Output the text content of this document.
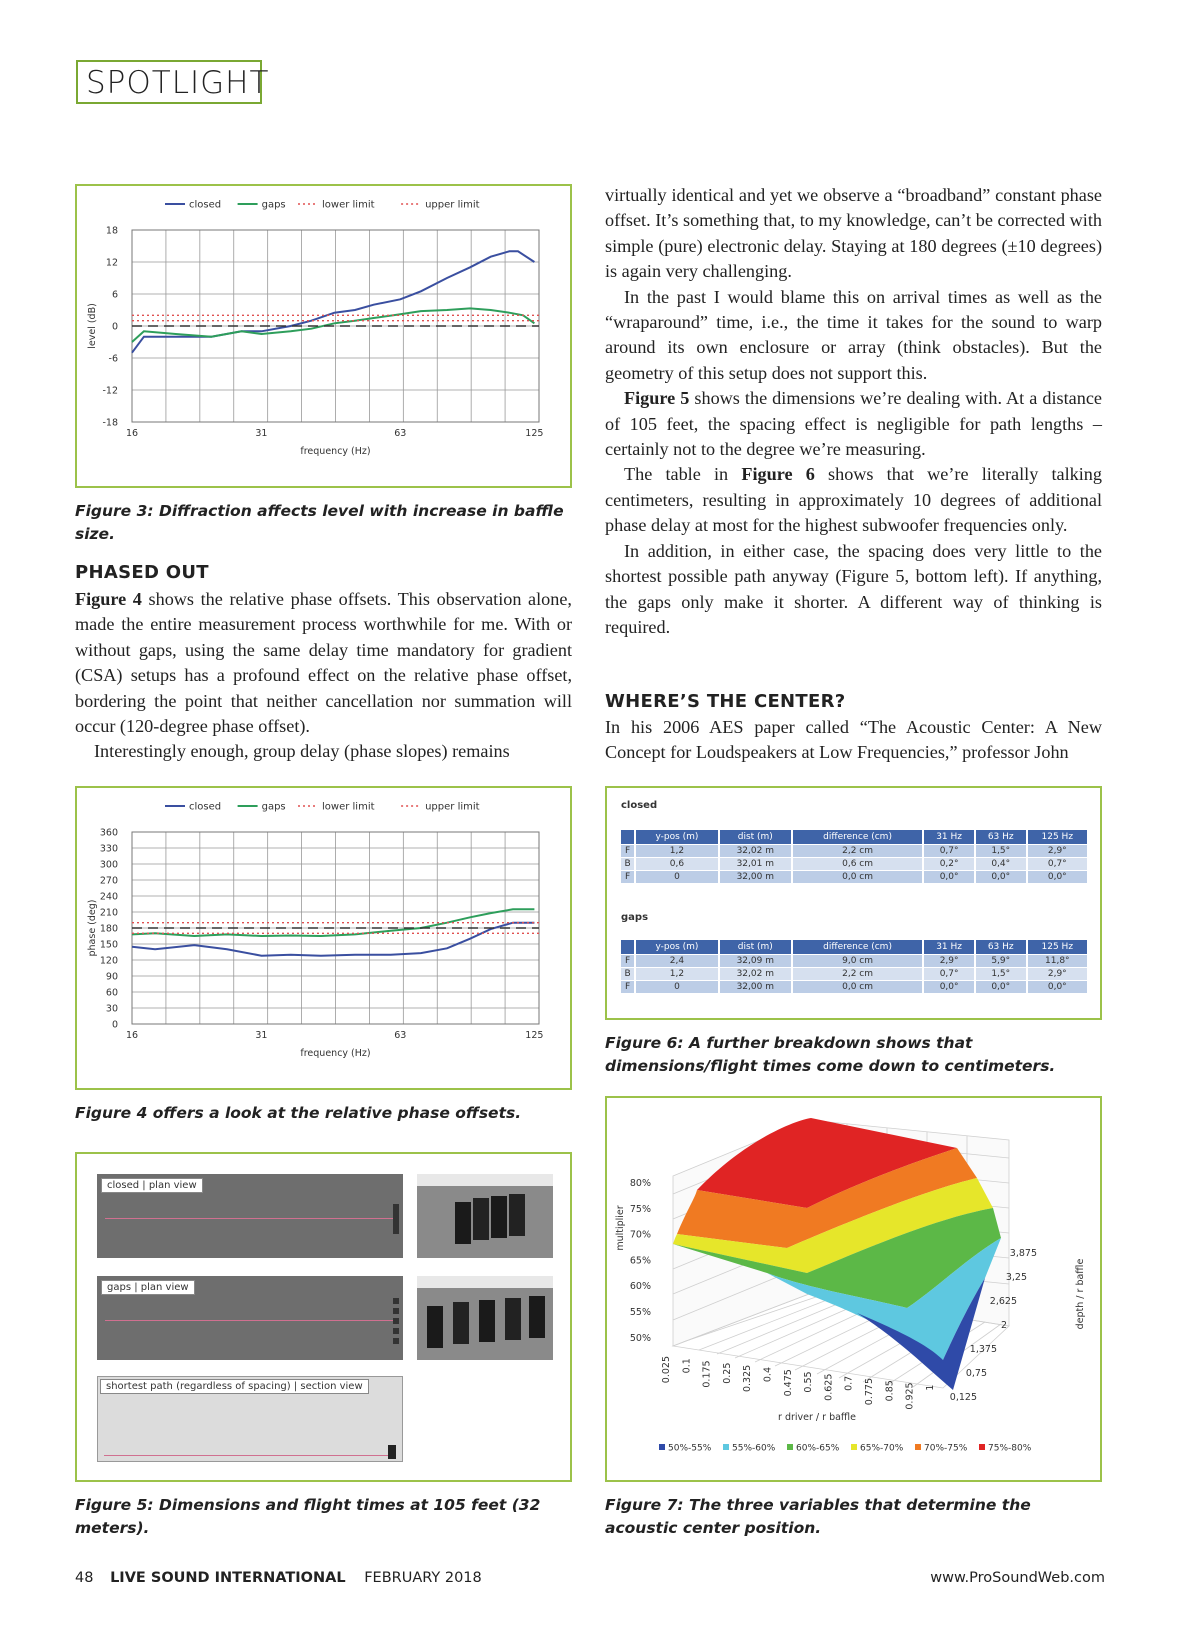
SPOTLIGHT
18
12
6
0
-6
-12
-18
16	31	63	125
frequency (Hz)
level (dB)
closed	gaps	lower limit	upper limit
Figure 3: Diffraction affects level with increase in baffle size.
PHASED OUT

Figure 4 shows the relative phase offsets. This observation alone, made the entire measurement process worthwhile for me. With or without gaps, using the same delay time mandatory for gradient (CSA) setups has a profound effect on the relative phase offset, bordering the point that neither cancellation nor summation will occur (120-degree phase offset).

Interestingly enough, group delay (phase slopes) remains

virtually identical and yet we observe a “broadband” constant phase offset. It’s something that, to my knowledge, can’t be corrected with simple (pure) electronic delay. Staying at 180 degrees (±10 degrees) is again very challenging.

In the past I would blame this on arrival times as well as the “wraparound” time, i.e., the time it takes for the sound to warp around its own enclosure or array (think obstacles). But the geometry of this setup does not support this.

Figure 5 shows the dimensions we’re dealing with. At a distance of 105 feet, the spacing effect is negligible for path lengths – certainly not to the degree we’re measuring.

The table in Figure 6 shows that we’re literally talking centimeters, resulting in approximately 10 degrees of additional phase delay at most for the highest subwoofer frequencies only.

In addition, in either case, the spacing does very little to the shortest possible path anyway (Figure 5, bottom left). If anything, the gaps only make it shorter. A different way of thinking is required.

WHERE’S THE CENTER?

In his 2006 AES paper called “The Acoustic Center: A New Concept for Loudspeakers at Low Frequencies,” professor John

360
330
300
270
240
210
180
150
120
90
60
30
0
16	31	63	125
frequency (Hz)
phase (deg)
closed	gaps	lower limit	upper limit
Figure 4 offers a look at the relative phase offsets.
closed | plan view
gaps | plan view
shortest path (regardless of spacing) | section view
Figure 5: Dimensions and flight times at 105 feet (32 meters).
closed
	y-pos (m)	dist (m)	difference (cm)	31 Hz	63 Hz	125 Hz
F	1,2	32,02 m	2,2 cm	0,7°	1,5°	2,9°
B	0,6	32,01 m	0,6 cm	0,2°	0,4°	0,7°
F	0	32,00 m	0,0 cm	0,0°	0,0°	0,0°
gaps
	y-pos (m)	dist (m)	difference (cm)	31 Hz	63 Hz	125 Hz
F	2,4	32,09 m	9,0 cm	2,9°	5,9°	11,8°
B	1,2	32,02 m	2,2 cm	0,7°	1,5°	2,9°
F	0	32,00 m	0,0 cm	0,0°	0,0°	0,0°
Figure 6: A further breakdown shows that dimensions/flight times come down to centimeters.
80%
75%
70%
65%
60%
55%
50%
multiplier
0.025 0.1 0.175 0.25 0.325 0.4 0.475 0.55 0.625 0.7 0.775 0.85 0.925 1
r driver / r baffle
3,875
3,25
2,625
2
1,375
0,75
0,125
depth / r baffle
50%-55% 55%-60% 60%-65% 65%-70% 70%-75% 75%-80%
Figure 7: The three variables that determine the acoustic center position.
48 LIVE SOUND INTERNATIONAL FEBRUARY 2018	www.ProSoundWeb.com
